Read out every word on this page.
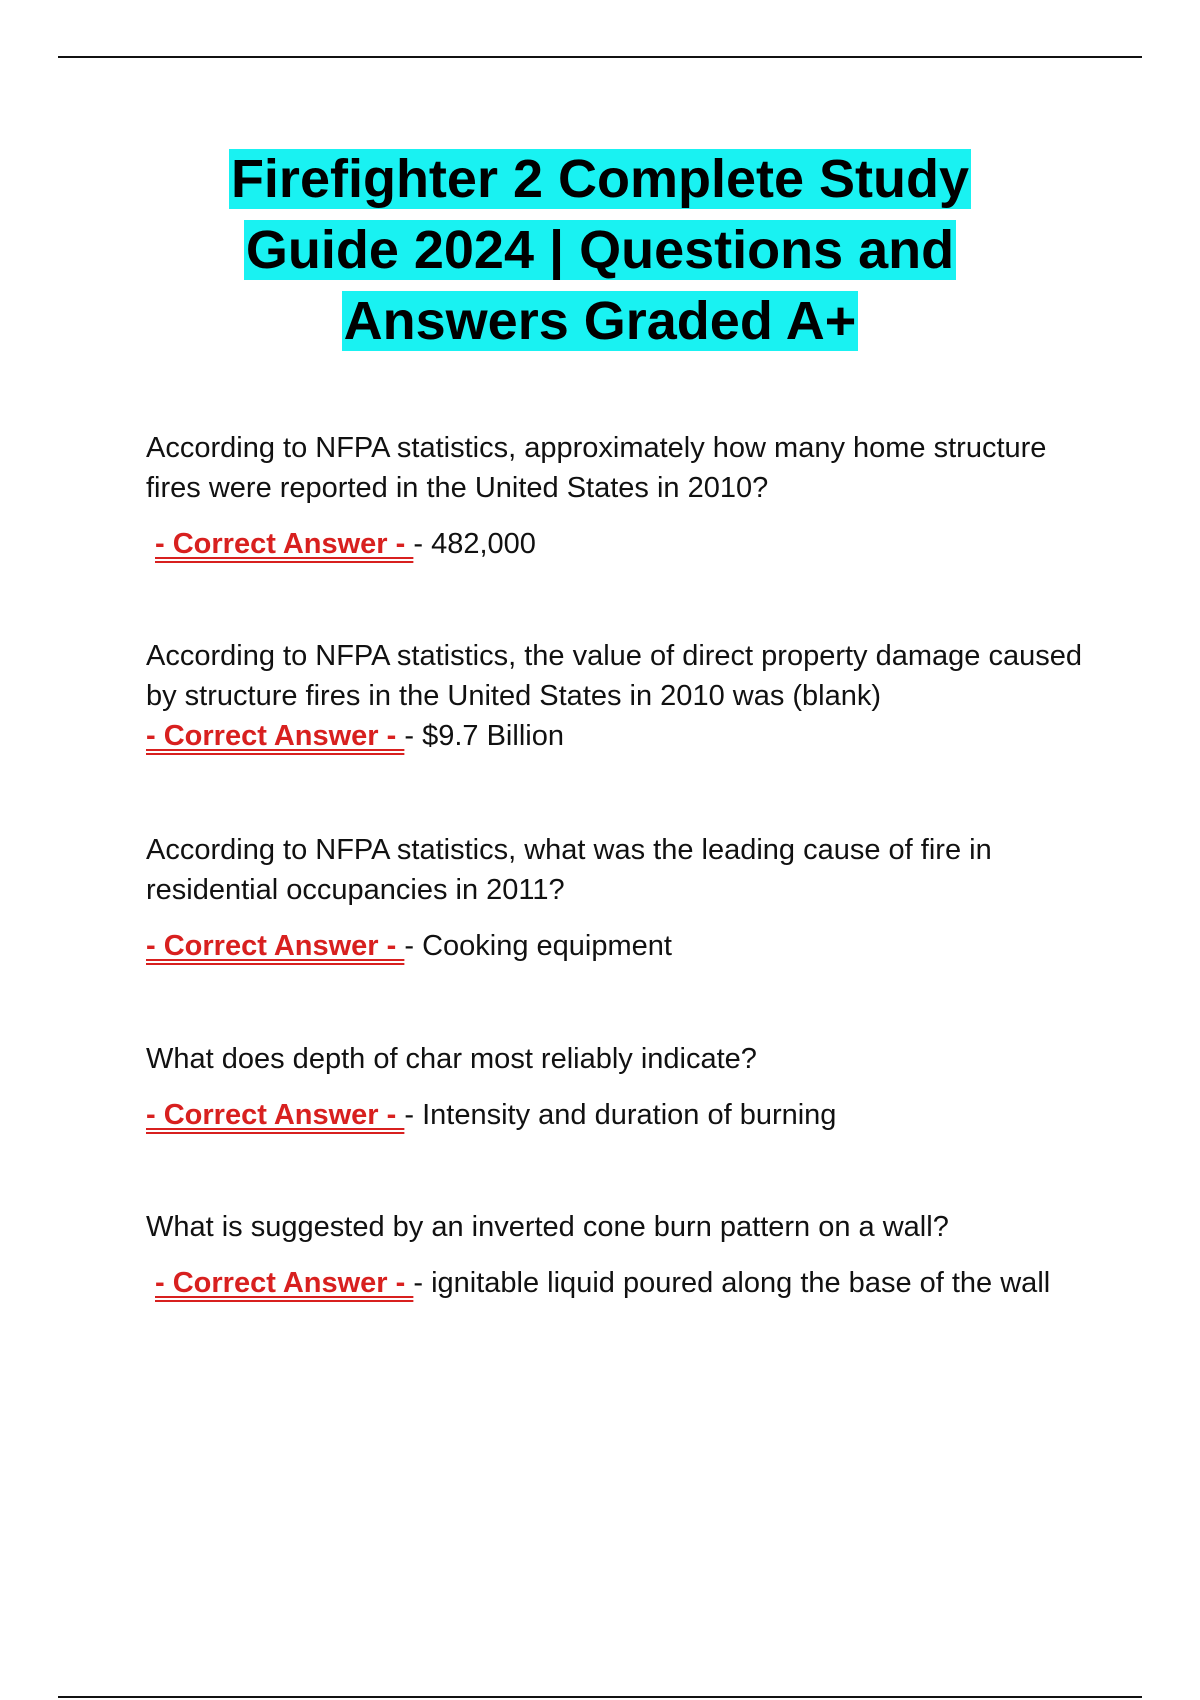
Firefighter 2 Complete Study Guide 2024 | Questions and Answers Graded A+

According to NFPA statistics, approximately how many home structure fires were reported in the United States in 2010?

- Correct Answer - - 482,000

According to NFPA statistics, the value of direct property damage caused by structure fires in the United States in 2010 was (blank)

- Correct Answer - - $9.7 Billion

According to NFPA statistics, what was the leading cause of fire in residential occupancies in 2011?

- Correct Answer - - Cooking equipment

What does depth of char most reliably indicate?

- Correct Answer - - Intensity and duration of burning

What is suggested by an inverted cone burn pattern on a wall?

- Correct Answer - - ignitable liquid poured along the base of the wall
